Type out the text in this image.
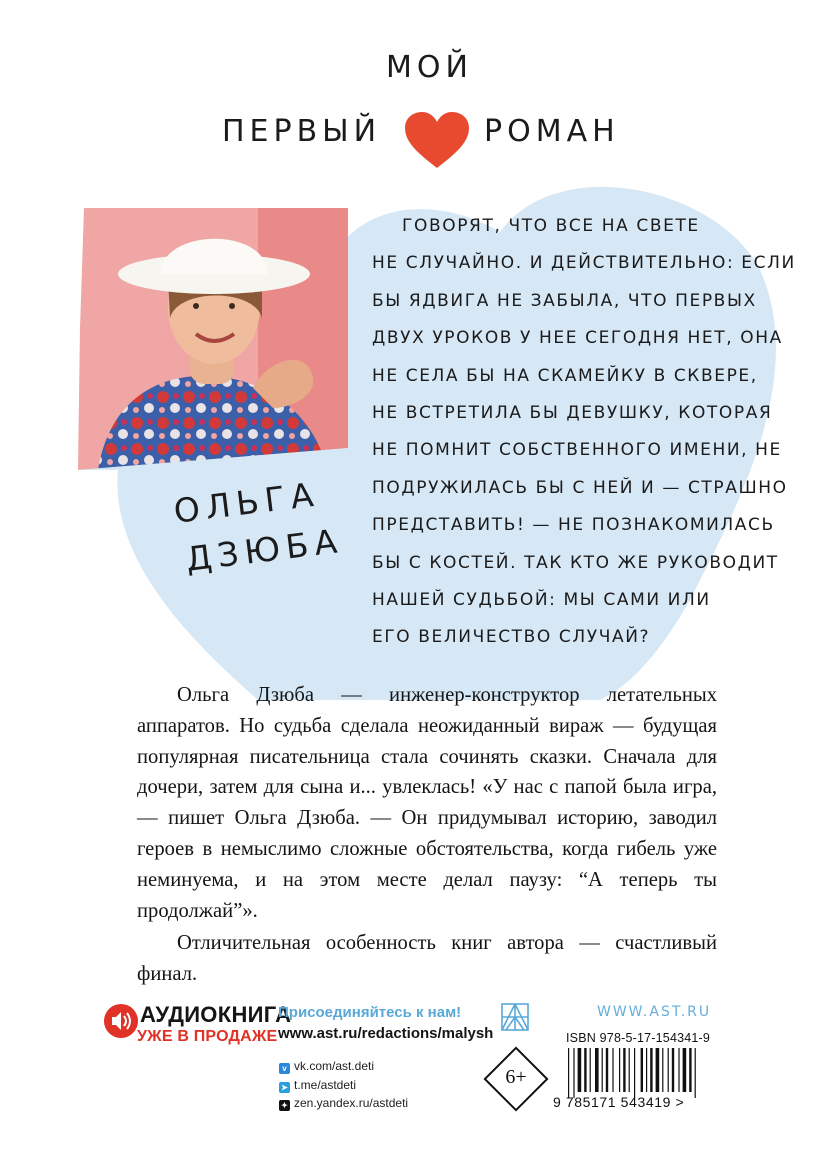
МОЙ
ПЕРВЫЙ	РОМАН
ОЛЬГА
ДЗЮБА

ГОВОРЯТ, ЧТО ВСЕ НА СВЕТЕ

НЕ СЛУЧАЙНО. И ДЕЙСТВИТЕЛЬНО: ЕСЛИ

БЫ ЯДВИГА НЕ ЗАБЫЛА, ЧТО ПЕРВЫХ

ДВУХ УРОКОВ У НЕЕ СЕГОДНЯ НЕТ, ОНА

НЕ СЕЛА БЫ НА СКАМЕЙКУ В СКВЕРЕ,

НЕ ВСТРЕТИЛА БЫ ДЕВУШКУ, КОТОРАЯ

НЕ ПОМНИТ СОБСТВЕННОГО ИМЕНИ, НЕ

ПОДРУЖИЛАСЬ БЫ С НЕЙ И — СТРАШНО

ПРЕДСТАВИТЬ! — НЕ ПОЗНАКОМИЛАСЬ

БЫ С КОСТЕЙ. ТАК КТО ЖЕ РУКОВОДИТ

НАШЕЙ СУДЬБОЙ: МЫ САМИ ИЛИ

ЕГО ВЕЛИЧЕСТВО СЛУЧАЙ?

Ольга Дзюба — инженер-конструктор летательных аппаратов. Но судьба сделала неожиданный вираж — будущая популярная писательница стала сочинять сказки. Сначала для дочери, затем для сына и... увлеклась! «У нас с папой была игра, — пишет Ольга Дзюба. — Он придумывал историю, заводил героев в немыслимо сложные обстоятельства, когда гибель уже неминуема, и на этом месте делал паузу: “А теперь ты продолжай”».

Отличительная особенность книг автора — счастливый финал.

АУДИОКНИГА
УЖЕ В ПРОДАЖЕ
Присоединяйтесь к нам!
www.ast.ru/redactions/malysh
v vk.com/ast.deti
➤ t.me/astdeti
✦ zen.yandex.ru/astdeti
6+
WWW.AST.RU
ISBN 978-5-17-154341-9
9 785171 543419 >
